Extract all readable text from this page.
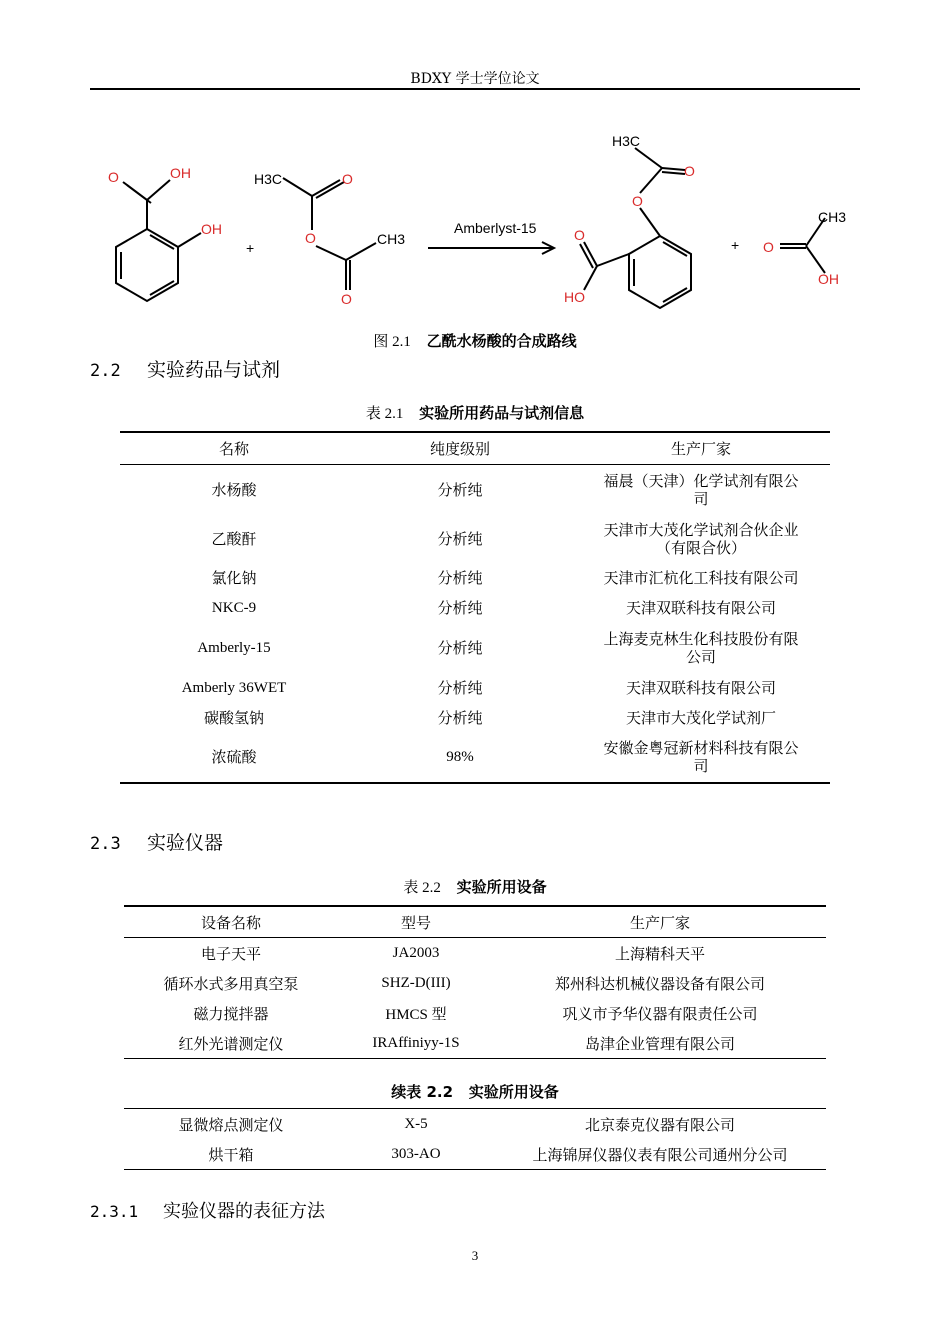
BDXY 学士学位论文
O	OH
OH
+
H3C	O
O	CH3
O
Amberlyst-15
H3C
O
O
O
HO
+ O
CH3
OH
图 2.1 乙酰水杨酸的合成路线
2.2 实验药品与试剂
表 2.1 实验所用药品与试剂信息
名称	纯度级别	生产厂家
水杨酸	分析纯	福晨（天津）化学试剂有限公
司
乙酸酐	分析纯	天津市大茂化学试剂合伙企业
（有限合伙）
氯化钠	分析纯	天津市汇杭化工科技有限公司
NKC-9	分析纯	天津双联科技有限公司
Amberly-15	分析纯	上海麦克林生化科技股份有限
公司
Amberly 36WET	分析纯	天津双联科技有限公司
碳酸氢钠	分析纯	天津市大茂化学试剂厂
浓硫酸	98%	安徽金粤冠新材料科技有限公
司
2.3 实验仪器
表 2.2 实验所用设备
设备名称	型号	生产厂家
电子天平	JA2003	上海精科天平
循环水式多用真空泵	SHZ-D(III)	郑州科达机械仪器设备有限公司
磁力搅拌器	HMCS 型	巩义市予华仪器有限责任公司
红外光谱测定仪	IRAffiniyy-1S	岛津企业管理有限公司
续表 2.2 实验所用设备
显微熔点测定仪	X-5	北京泰克仪器有限公司
烘干箱	303-AO	上海锦屏仪器仪表有限公司通州分公司
2.3.1 实验仪器的表征方法
3
